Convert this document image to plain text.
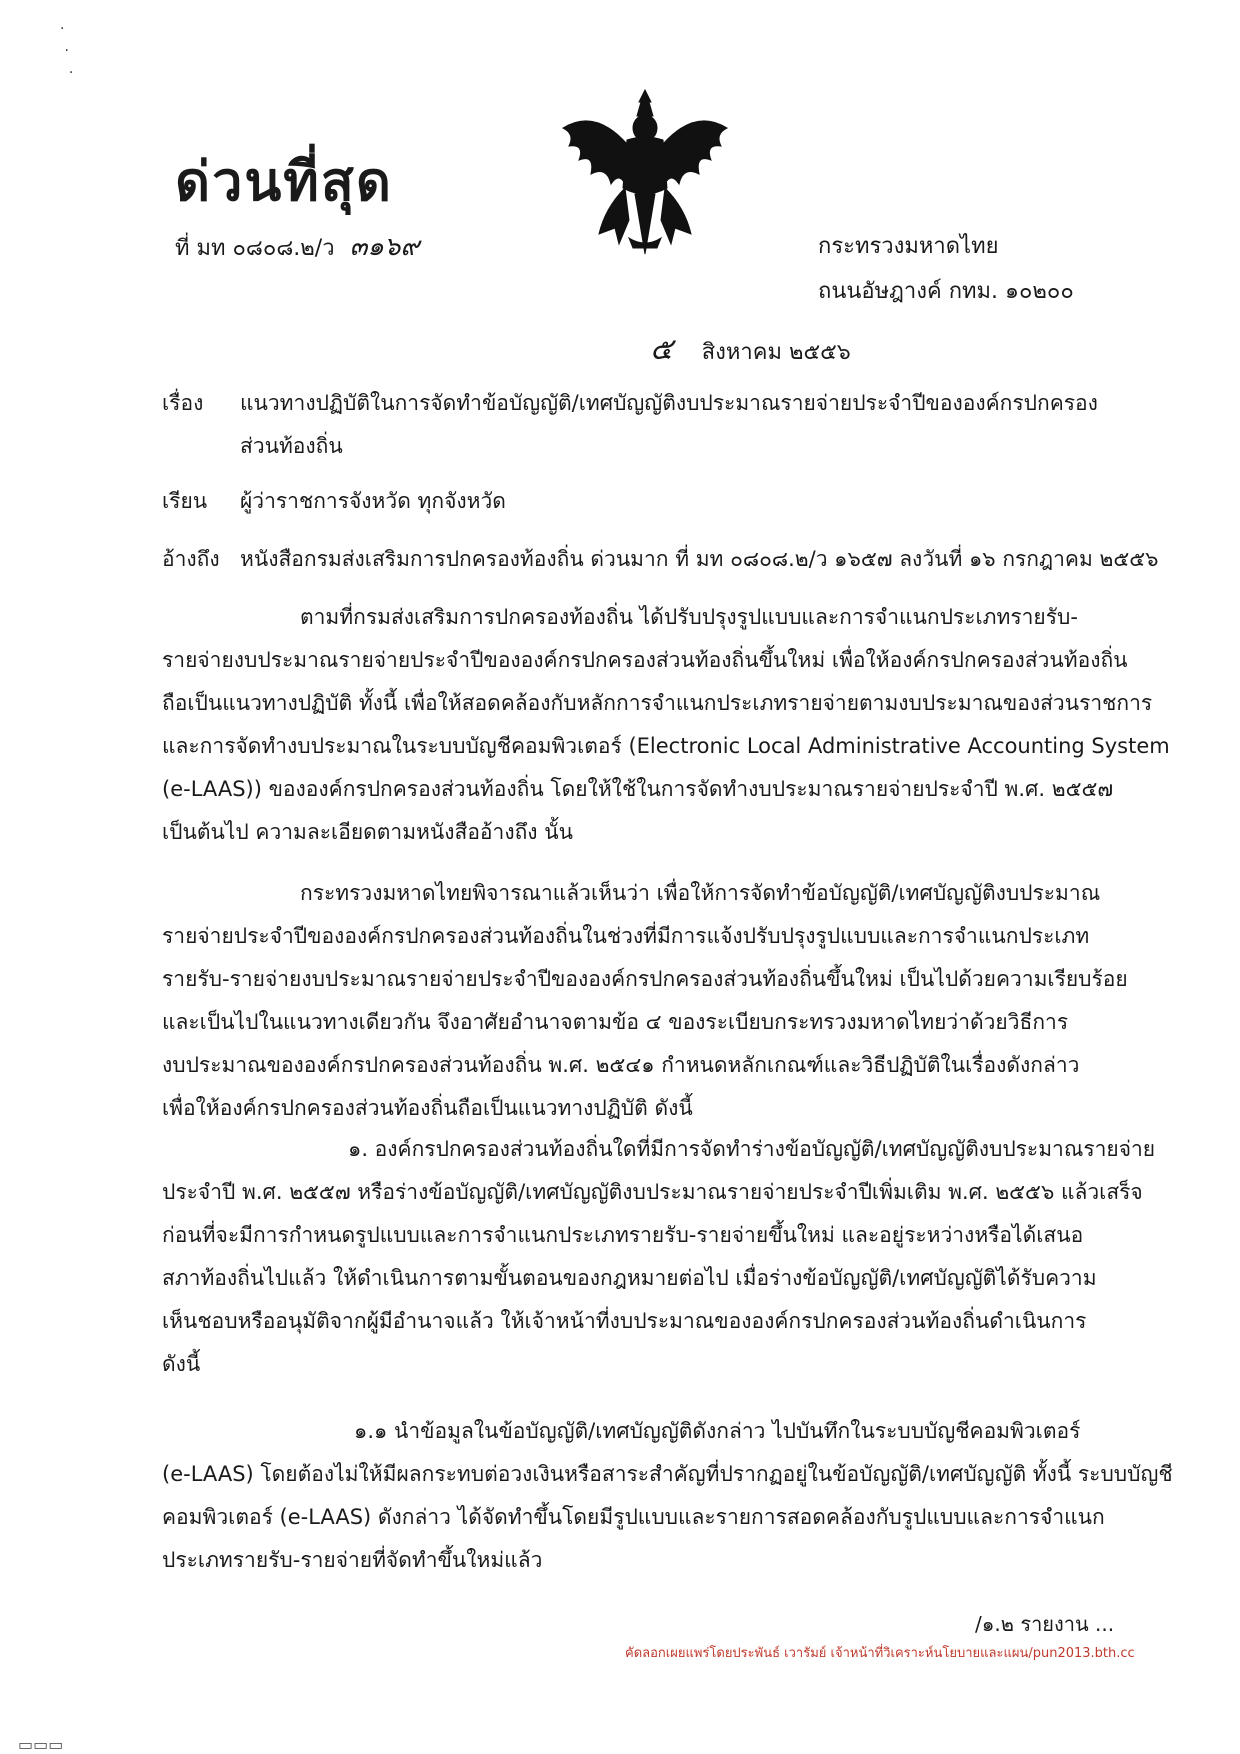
·
·
·
ด่วนที่สุด
ที่ มท ๐๘๐๘.๒/ว ๓๑๖๙	กระทรวงมหาดไทย
ถนนอัษฎางค์ กทม. ๑๐๒๐๐
๕ สิงหาคม ๒๕๕๖
เรื่อง แนวทางปฏิบัติในการจัดทำข้อบัญญัติ/เทศบัญญัติงบประมาณรายจ่ายประจำปีขององค์กรปกครอง
ส่วนท้องถิ่น
เรียน ผู้ว่าราชการจังหวัด ทุกจังหวัด
อ้างถึง หนังสือกรมส่งเสริมการปกครองท้องถิ่น ด่วนมาก ที่ มท ๐๘๐๘.๒/ว ๑๖๕๗ ลงวันที่ ๑๖ กรกฎาคม ๒๕๕๖
ตามที่กรมส่งเสริมการปกครองท้องถิ่น ได้ปรับปรุงรูปแบบและการจำแนกประเภทรายรับ-
รายจ่ายงบประมาณรายจ่ายประจำปีขององค์กรปกครองส่วนท้องถิ่นขึ้นใหม่ เพื่อให้องค์กรปกครองส่วนท้องถิ่น
ถือเป็นแนวทางปฏิบัติ ทั้งนี้ เพื่อให้สอดคล้องกับหลักการจำแนกประเภทรายจ่ายตามงบประมาณของส่วนราชการ
และการจัดทำงบประมาณในระบบบัญชีคอมพิวเตอร์ (Electronic Local Administrative Accounting System
(e-LAAS)) ขององค์กรปกครองส่วนท้องถิ่น โดยให้ใช้ในการจัดทำงบประมาณรายจ่ายประจำปี พ.ศ. ๒๕๕๗
เป็นต้นไป ความละเอียดตามหนังสืออ้างถึง นั้น
กระทรวงมหาดไทยพิจารณาแล้วเห็นว่า เพื่อให้การจัดทำข้อบัญญัติ/เทศบัญญัติงบประมาณ
รายจ่ายประจำปีขององค์กรปกครองส่วนท้องถิ่นในช่วงที่มีการแจ้งปรับปรุงรูปแบบและการจำแนกประเภท
รายรับ-รายจ่ายงบประมาณรายจ่ายประจำปีขององค์กรปกครองส่วนท้องถิ่นขึ้นใหม่ เป็นไปด้วยความเรียบร้อย
และเป็นไปในแนวทางเดียวกัน จึงอาศัยอำนาจตามข้อ ๔ ของระเบียบกระทรวงมหาดไทยว่าด้วยวิธีการ
งบประมาณขององค์กรปกครองส่วนท้องถิ่น พ.ศ. ๒๕๔๑ กำหนดหลักเกณฑ์และวิธีปฏิบัติในเรื่องดังกล่าว
เพื่อให้องค์กรปกครองส่วนท้องถิ่นถือเป็นแนวทางปฏิบัติ ดังนี้
๑. องค์กรปกครองส่วนท้องถิ่นใดที่มีการจัดทำร่างข้อบัญญัติ/เทศบัญญัติงบประมาณรายจ่าย
ประจำปี พ.ศ. ๒๕๕๗ หรือร่างข้อบัญญัติ/เทศบัญญัติงบประมาณรายจ่ายประจำปีเพิ่มเติม พ.ศ. ๒๕๕๖ แล้วเสร็จ
ก่อนที่จะมีการกำหนดรูปแบบและการจำแนกประเภทรายรับ-รายจ่ายขึ้นใหม่ และอยู่ระหว่างหรือได้เสนอ
สภาท้องถิ่นไปแล้ว ให้ดำเนินการตามขั้นตอนของกฎหมายต่อไป เมื่อร่างข้อบัญญัติ/เทศบัญญัติได้รับความ
เห็นชอบหรืออนุมัติจากผู้มีอำนาจแล้ว ให้เจ้าหน้าที่งบประมาณขององค์กรปกครองส่วนท้องถิ่นดำเนินการ
ดังนี้
๑.๑ นำข้อมูลในข้อบัญญัติ/เทศบัญญัติดังกล่าว ไปบันทึกในระบบบัญชีคอมพิวเตอร์
(e-LAAS) โดยต้องไม่ให้มีผลกระทบต่อวงเงินหรือสาระสำคัญที่ปรากฏอยู่ในข้อบัญญัติ/เทศบัญญัติ ทั้งนี้ ระบบบัญชี
คอมพิวเตอร์ (e-LAAS) ดังกล่าว ได้จัดทำขึ้นโดยมีรูปแบบและรายการสอดคล้องกับรูปแบบและการจำแนก
ประเภทรายรับ-รายจ่ายที่จัดทำขึ้นใหม่แล้ว
/๑.๒ รายงาน ...
คัดลอกเผยแพร่โดยประพันธ์ เวารัมย์ เจ้าหน้าที่วิเคราะห์นโยบายและแผน/pun2013.bth.cc
▭▭▭
